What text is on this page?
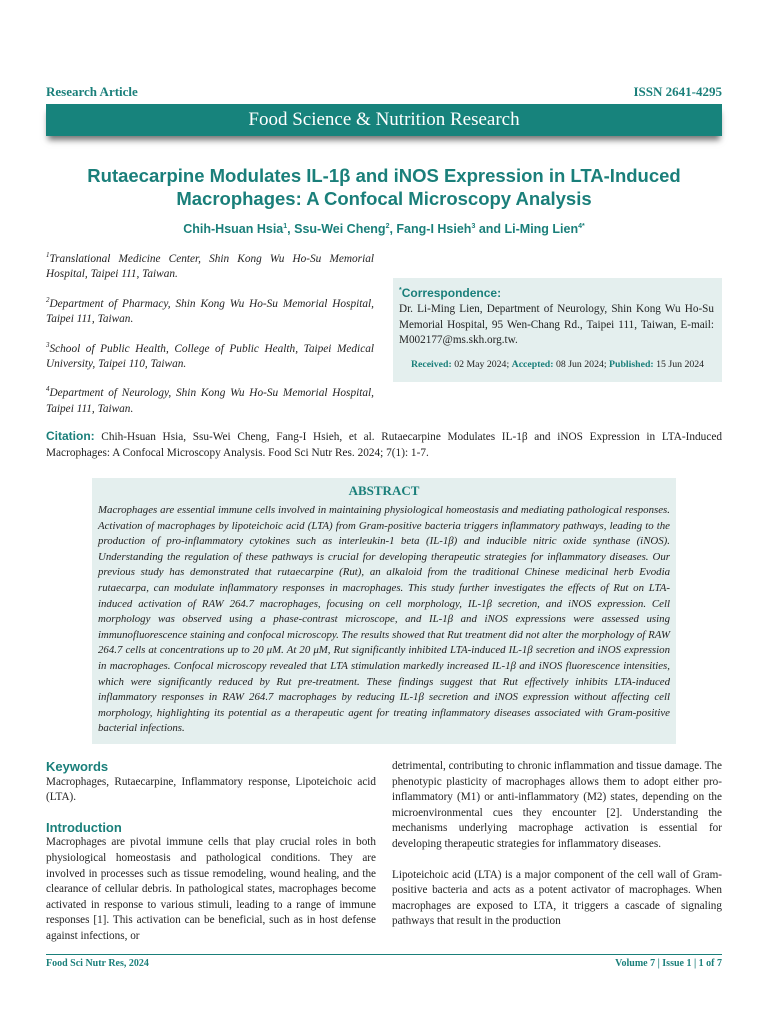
Research Article	ISSN 2641-4295
Food Science & Nutrition Research
Rutaecarpine Modulates IL-1β and iNOS Expression in LTA-Induced Macrophages: A Confocal Microscopy Analysis
Chih-Hsuan Hsia$^1$, Ssu-Wei Cheng$^2$, Fang-I Hsieh$^3$ and Li-Ming Lien$^{4*}$

$^1$Translational Medicine Center, Shin Kong Wu Ho-Su Memorial Hospital, Taipei 111, Taiwan.

$^2$Department of Pharmacy, Shin Kong Wu Ho-Su Memorial Hospital, Taipei 111, Taiwan.

$^3$School of Public Health, College of Public Health, Taipei Medical University, Taipei 110, Taiwan.

$^4$Department of Neurology, Shin Kong Wu Ho-Su Memorial Hospital, Taipei 111, Taiwan.

*Correspondence:
Dr. Li-Ming Lien, Department of Neurology, Shin Kong Wu Ho-Su Memorial Hospital, 95 Wen-Chang Rd., Taipei 111, Taiwan, E-mail: M002177@ms.skh.org.tw.
Received: 02 May 2024; Accepted: 08 Jun 2024; Published: 15 Jun 2024
Citation: Chih-Hsuan Hsia, Ssu-Wei Cheng, Fang-I Hsieh, et al. Rutaecarpine Modulates IL-1β and iNOS Expression in LTA-Induced Macrophages: A Confocal Microscopy Analysis. Food Sci Nutr Res. 2024; 7(1): 1-7.
ABSTRACT
Macrophages are essential immune cells involved in maintaining physiological homeostasis and mediating pathological responses. Activation of macrophages by lipoteichoic acid (LTA) from Gram-positive bacteria triggers inflammatory pathways, leading to the production of pro-inflammatory cytokines such as interleukin-1 beta (IL-1β) and inducible nitric oxide synthase (iNOS). Understanding the regulation of these pathways is crucial for developing therapeutic strategies for inflammatory diseases. Our previous study has demonstrated that rutaecarpine (Rut), an alkaloid from the traditional Chinese medicinal herb Evodia rutaecarpa, can modulate inflammatory responses in macrophages. This study further investigates the effects of Rut on LTA-induced activation of RAW 264.7 macrophages, focusing on cell morphology, IL-1β secretion, and iNOS expression. Cell morphology was observed using a phase-contrast microscope, and IL-1β and iNOS expressions were assessed using immunofluorescence staining and confocal microscopy. The results showed that Rut treatment did not alter the morphology of RAW 264.7 cells at concentrations up to 20 μM. At 20 μM, Rut significantly inhibited LTA-induced IL-1β secretion and iNOS expression in macrophages. Confocal microscopy revealed that LTA stimulation markedly increased IL-1β and iNOS fluorescence intensities, which were significantly reduced by Rut pre-treatment. These findings suggest that Rut effectively inhibits LTA-induced inflammatory responses in RAW 264.7 macrophages by reducing IL-1β secretion and iNOS expression without affecting cell morphology, highlighting its potential as a therapeutic agent for treating inflammatory diseases associated with Gram-positive bacterial infections.
Keywords

Macrophages, Rutaecarpine, Inflammatory response, Lipoteichoic acid (LTA).

Introduction

Macrophages are pivotal immune cells that play crucial roles in both physiological homeostasis and pathological conditions. They are involved in processes such as tissue remodeling, wound healing, and the clearance of cellular debris. In pathological states, macrophages become activated in response to various stimuli, leading to a range of immune responses [1]. This activation can be beneficial, such as in host defense against infections, or

detrimental, contributing to chronic inflammation and tissue damage. The phenotypic plasticity of macrophages allows them to adopt either pro-inflammatory (M1) or anti-inflammatory (M2) states, depending on the microenvironmental cues they encounter [2]. Understanding the mechanisms underlying macrophage activation is essential for developing therapeutic strategies for inflammatory diseases.

Lipoteichoic acid (LTA) is a major component of the cell wall of Gram-positive bacteria and acts as a potent activator of macrophages. When macrophages are exposed to LTA, it triggers a cascade of signaling pathways that result in the production

Food Sci Nutr Res, 2024	Volume 7 | Issue 1 | 1 of 7
